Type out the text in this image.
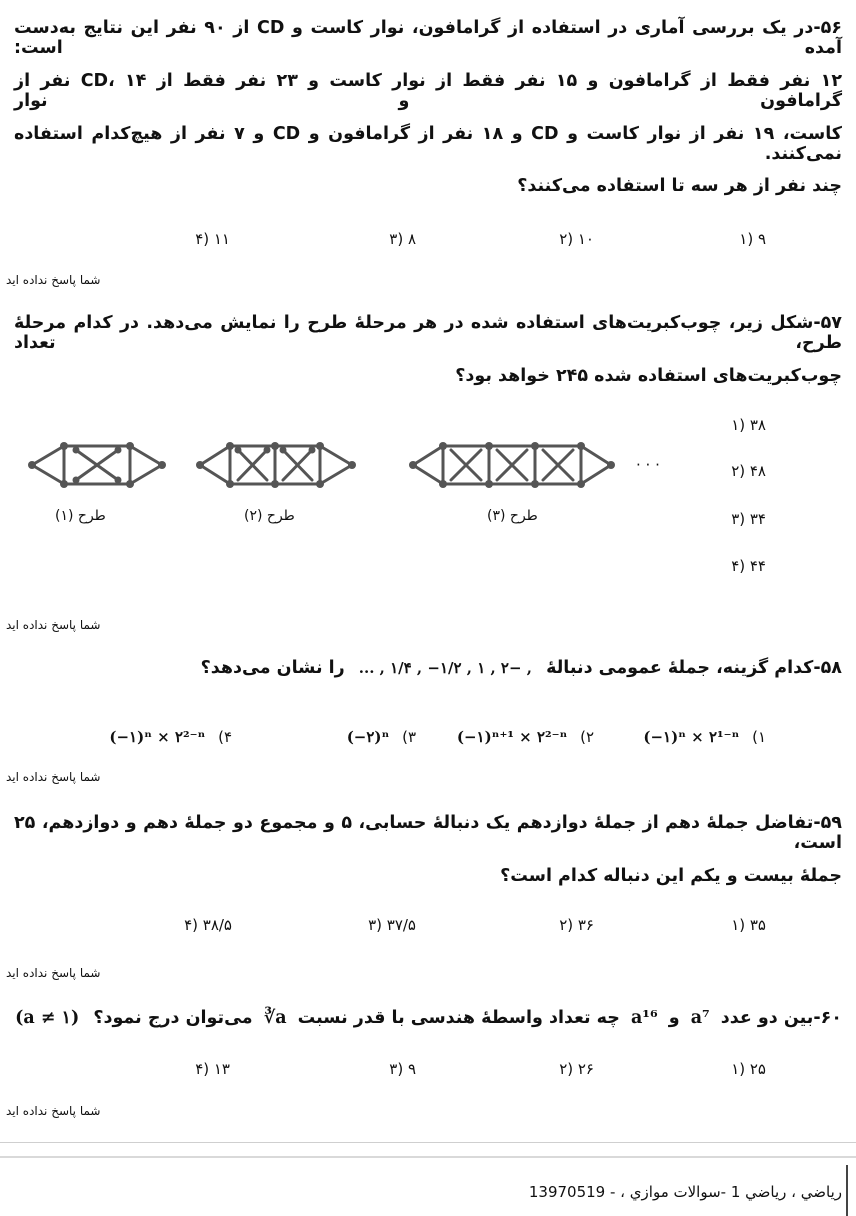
۵۶-در یک بررسی آماری در استفاده از گرامافون، نوار کاست و CD از ۹۰ نفر این نتایج به‌دست آمده است:
۱۲ نفر فقط از گرامافون و ۱۵ نفر فقط از نوار کاست و ۲۳ نفر فقط از CD، ۱۴ نفر از گرامافون و نوار
کاست، ۱۹ نفر از نوار کاست و CD و ۱۸ نفر از گرامافون و CD و ۷ نفر از هیچ‌کدام استفاده نمی‌کنند.
چند نفر از هر سه تا استفاده می‌کنند؟
۹ (۱
۱۰ (۲
۸ (۳
۱۱ (۴
شما پاسخ نداده اید
۵۷-شکل زیر، چوب‌کبریت‌های استفاده شده در هر مرحلهٔ طرح را نمایش می‌دهد. در کدام مرحلهٔ طرح، تعداد
چوب‌کبریت‌های استفاده شده ۲۴۵ خواهد بود؟
۳۸ (۱
۴۸ (۲
۳۴ (۳
۴۴ (۴
طرح (۱)	طرح (۲)	طرح (۳)
· · ·
شما پاسخ نداده اید
۵۸-کدام گزینه، جملهٔ عمومی دنبالهٔ ... , ۱/۴ , −۱/۲ , ۱ , ۲− , را نشان می‌دهد؟
۱) (−۱)ⁿ × ۲¹⁻ⁿ
۲) (−۱)ⁿ⁺¹ × ۲²⁻ⁿ
۳) (−۲)ⁿ
۴) (−۱)ⁿ × ۲²⁻ⁿ
شما پاسخ نداده اید
۵۹-تفاضل جملهٔ دهم از جملهٔ دوازدهم یک دنبالهٔ حسابی، ۵ و مجموع دو جملهٔ دهم و دوازدهم، ۲۵ است،
جملهٔ بیست و یکم این دنباله کدام است؟
۳۵ (۱
۳۶ (۲
۳۷/۵ (۳
۳۸/۵ (۴
شما پاسخ نداده اید
۶۰-بین دو عدد a⁷ و a¹⁶ چه تعداد واسطهٔ هندسی با قدر نسبت ∛a می‌توان درج نمود؟ (a ≠ ۱)
۲۵ (۱
۲۶ (۲
۹ (۳
۱۳ (۴
شما پاسخ نداده اید
رياضي ، رياضي 1 -سوالات موازي ، - 13970519
